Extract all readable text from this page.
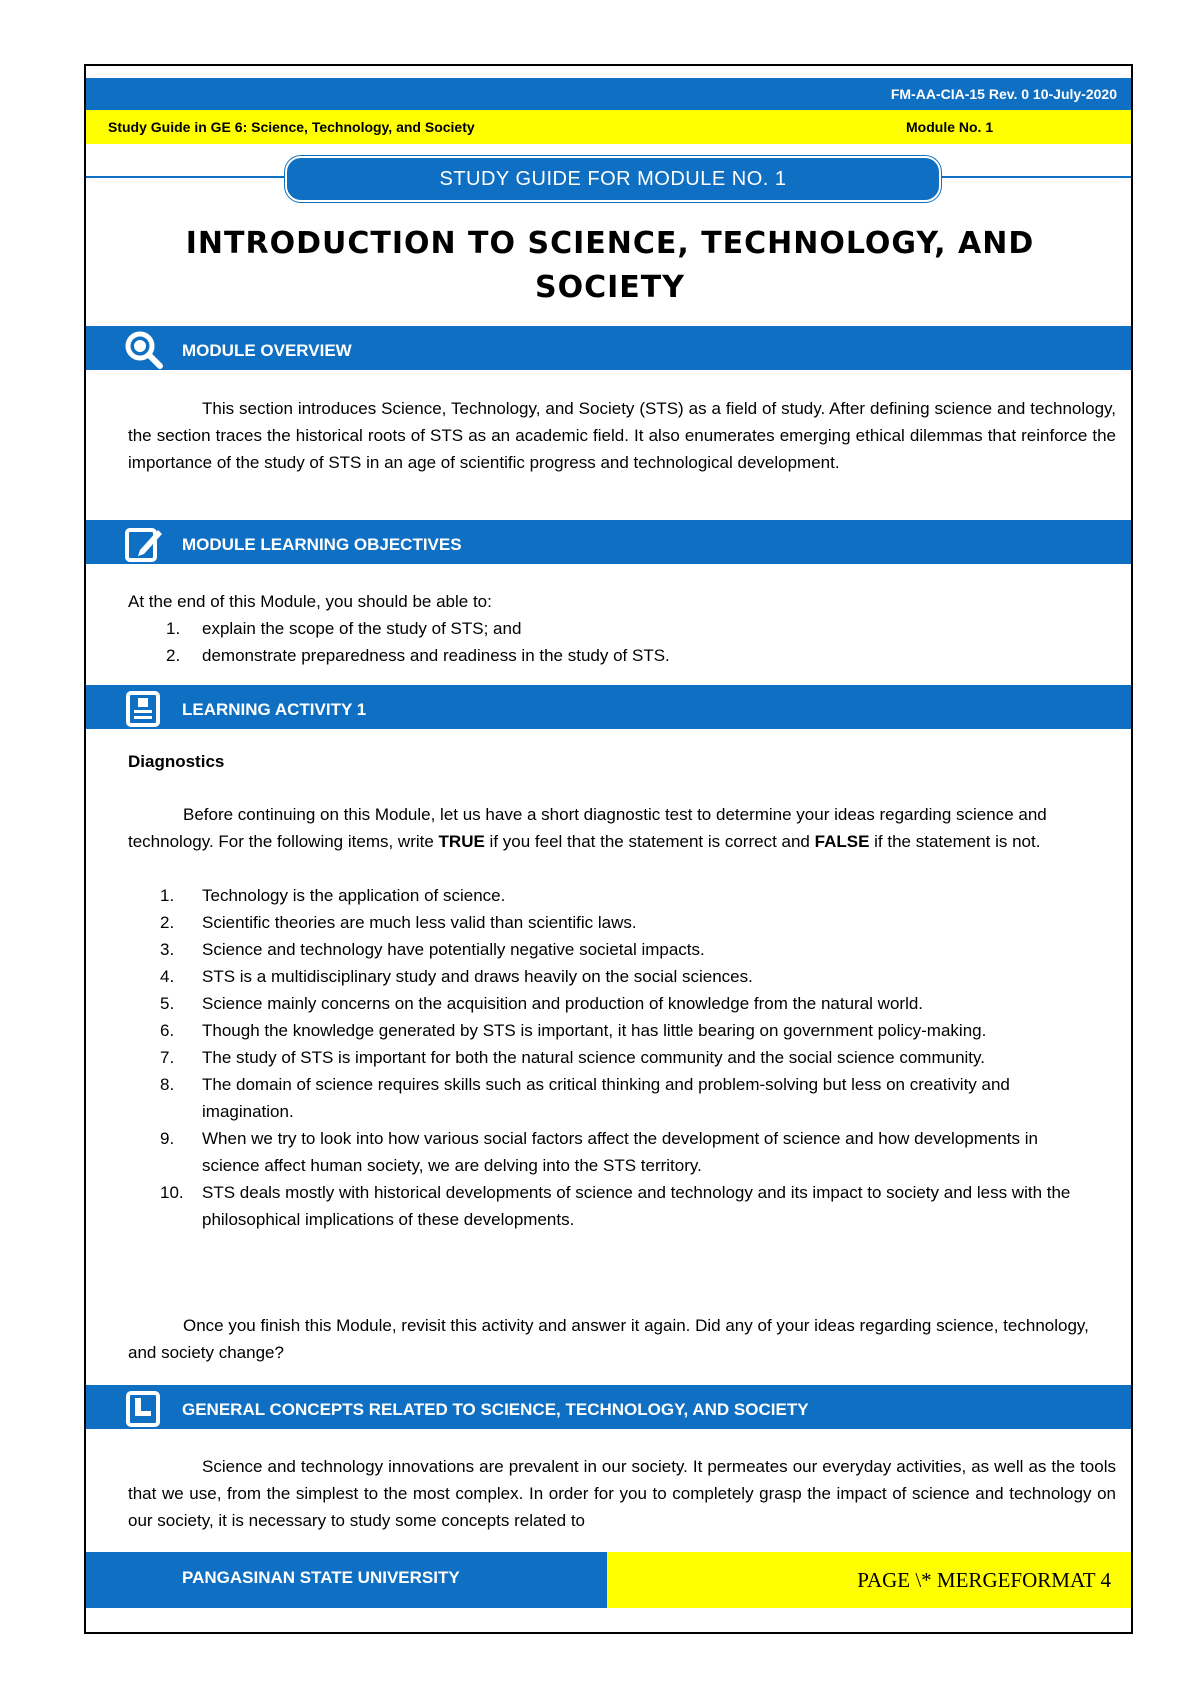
FM-AA-CIA-15 Rev. 0 10-July-2020
Study Guide in GE 6: Science, Technology, and Society	Module No. 1
STUDY GUIDE FOR MODULE NO. 1
INTRODUCTION TO SCIENCE, TECHNOLOGY, AND
SOCIETY
MODULE OVERVIEW
This section introduces Science, Technology, and Society (STS) as a field of study. After defining science and technology, the section traces the historical roots of STS as an academic field. It also enumerates emerging ethical dilemmas that reinforce the importance of the study of STS in an age of scientific progress and technological development.
MODULE LEARNING OBJECTIVES
At the end of this Module, you should be able to:
1. explain the scope of the study of STS; and
2. demonstrate preparedness and readiness in the study of STS.
LEARNING ACTIVITY 1
Diagnostics
Before continuing on this Module, let us have a short diagnostic test to determine your ideas regarding science and technology. For the following items, write TRUE if you feel that the statement is correct and FALSE if the statement is not.
1. Technology is the application of science.
2. Scientific theories are much less valid than scientific laws.
3. Science and technology have potentially negative societal impacts.
4. STS is a multidisciplinary study and draws heavily on the social sciences.
5. Science mainly concerns on the acquisition and production of knowledge from the natural world.
6. Though the knowledge generated by STS is important, it has little bearing on government policy-making.
7. The study of STS is important for both the natural science community and the social science community.
8. The domain of science requires skills such as critical thinking and problem-solving but less on creativity and imagination.
9. When we try to look into how various social factors affect the development of science and how developments in science affect human society, we are delving into the STS territory.
10. STS deals mostly with historical developments of science and technology and its impact to society and less with the philosophical implications of these developments.
Once you finish this Module, revisit this activity and answer it again. Did any of your ideas regarding science, technology, and society change?
GENERAL CONCEPTS RELATED TO SCIENCE, TECHNOLOGY, AND SOCIETY
Science and technology innovations are prevalent in our society. It permeates our everyday activities, as well as the tools that we use, from the simplest to the most complex. In order for you to completely grasp the impact of science and technology on our society, it is necessary to study some concepts related to
PANGASINAN STATE UNIVERSITY	PAGE \* MERGEFORMAT 4
